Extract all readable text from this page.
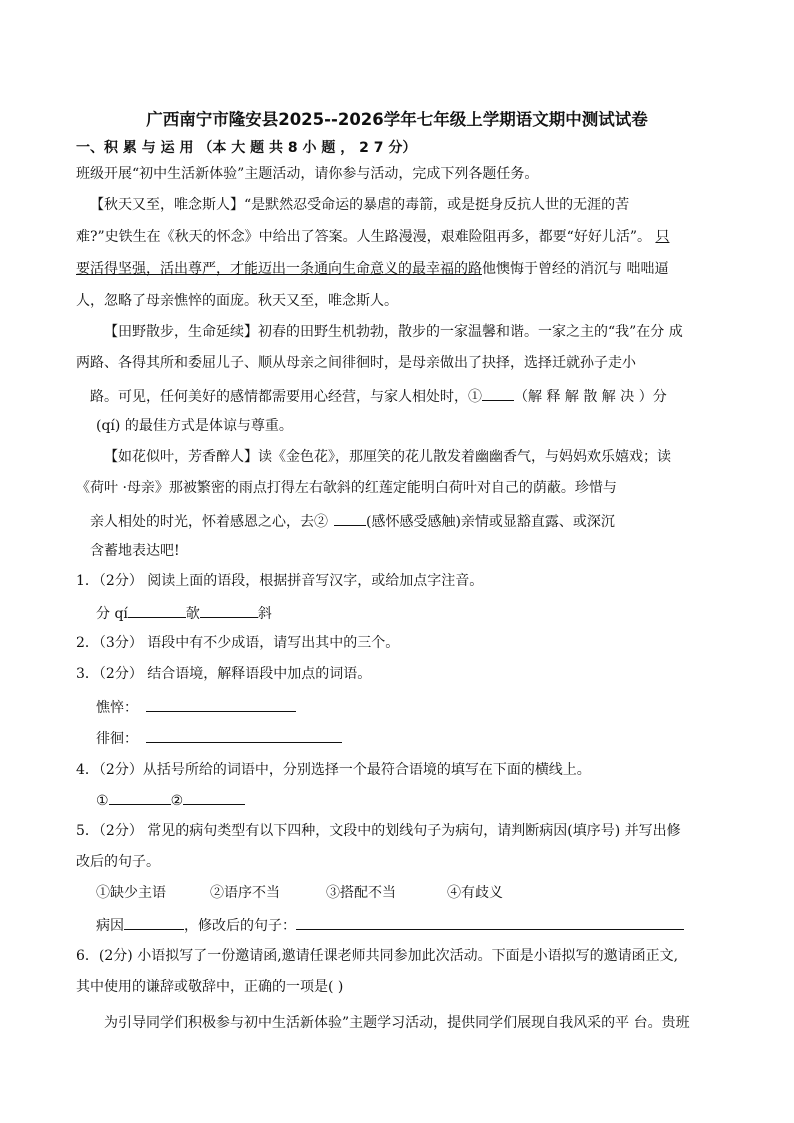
广西南宁市隆安县2025--2026学年七年级上学期语文期中测试试卷
一、积 累 与 运 用 （本 大 题 共 8 小 题 ， 2 7 分）
班级开展“初中生活新体验”主题活动，请你参与活动，完成下列各题任务。
【秋天又至，唯念斯人】“是默然忍受命运的暴虐的毒箭，或是挺身反抗人世的无涯的苦
难?”史铁生在《秋天的怀念》中给出了答案。人生路漫漫，艰难险阻再多，都要“好好儿活”。 只
要活得坚强，活出尊严，才能迈出一条通向生命意义的最幸福的路他懊悔于曾经的消沉与 咄咄逼
人，忽略了母亲憔悴的面庞。秋天又至，唯念斯人。
【田野散步，生命延续】初春的田野生机勃勃，散步的一家温馨和谐。一家之主的“我”在分 成
两路、各得其所和委屈儿子、顺从母亲之间徘徊时，是母亲做出了抉择，选择迁就孙子走小
路。可见，任何美好的感情都需要用心经营，与家人相处时，① （解 释 解 散 解 决 ）分
(qí) 的最佳方式是体谅与尊重。
【如花似叶，芳香醉人】读《金色花》，那厘笑的花儿散发着幽幽香气，与妈妈欢乐嬉戏；读
《荷叶 ·母亲》那被繁密的雨点打得左右欹斜的红莲定能明白荷叶对自己的荫蔽。珍惜与
亲人相处的时光，怀着感恩之心，去②	(感怀感受感触)亲情或显豁直露、或深沉
含蓄地表达吧!
1．（2分） 阅读上面的语段，根据拼音写汉字，或给加点字注音。
分 qí	欹	斜
2．（3分） 语段中有不少成语，请写出其中的三个。
3．（2分） 结合语境，解释语段中加点的词语。
憔悴：
徘徊：
4．（2分）从括号所给的词语中，分别选择一个最符合语境的填写在下面的横线上。
①	②
5．（2分） 常见的病句类型有以下四种，文段中的划线句子为病句，请判断病因(填序号) 并写出修
改后的句子。
①缺少主语	②语序不当	③搭配不当	④有歧义
病因	，修改后的句子：
6．(2分) 小语拟写了一份邀请函,邀请任课老师共同参加此次活动。下面是小语拟写的邀请函正文,
其中使用的谦辞或敬辞中，正确的一项是( )
为引导同学们积极参与初中生活新体验”主题学习活动，提供同学们展现自我风采的平 台。贵班
